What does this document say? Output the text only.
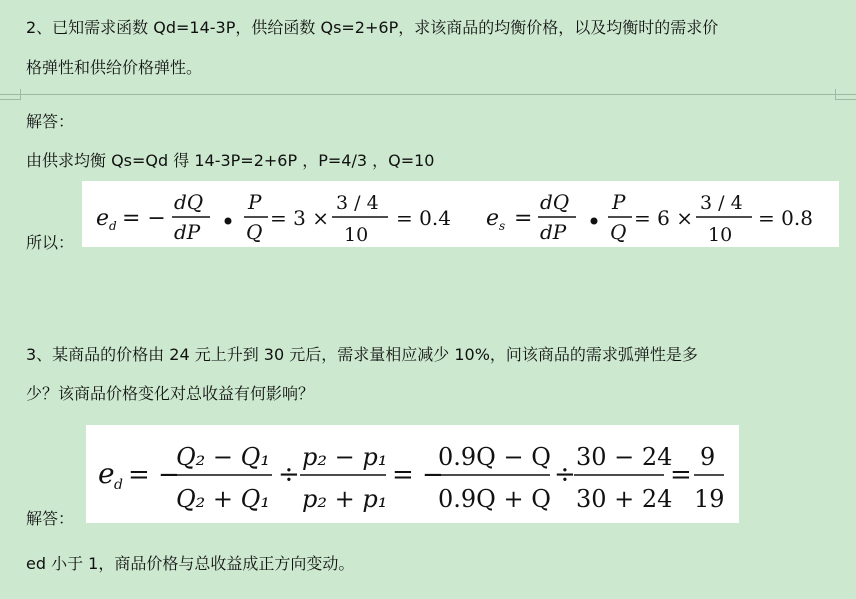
2、已知需求函数 Qd=14-3P，供给函数 Qs=2+6P，求该商品的均衡价格，以及均衡时的需求价
格弹性和供给价格弹性。
解答：
由供求均衡 Qs=Qd 得 14-3P=2+6P ，P=4/3 ，Q=10
所以：
e d = −
dQ
dP
P
Q
= 3 ×
3 / 4
10
= 0.4 e s =
dQ
dP
P
Q
= 6 ×
3 / 4
10
= 0.8
3、某商品的价格由 24 元上升到 30 元后，需求量相应减少 10%，问该商品的需求弧弹性是多
少？该商品价格变化对总收益有何影响？
解答：
e d = −
Q₂ − Q₁
Q₂ + Q₁
÷
p₂ − p₁
p₂ + p₁
= −
0.9Q − Q
0.9Q + Q
÷
30 − 24
30 + 24
=
9
19
ed 小于 1，商品价格与总收益成正方向变动。
